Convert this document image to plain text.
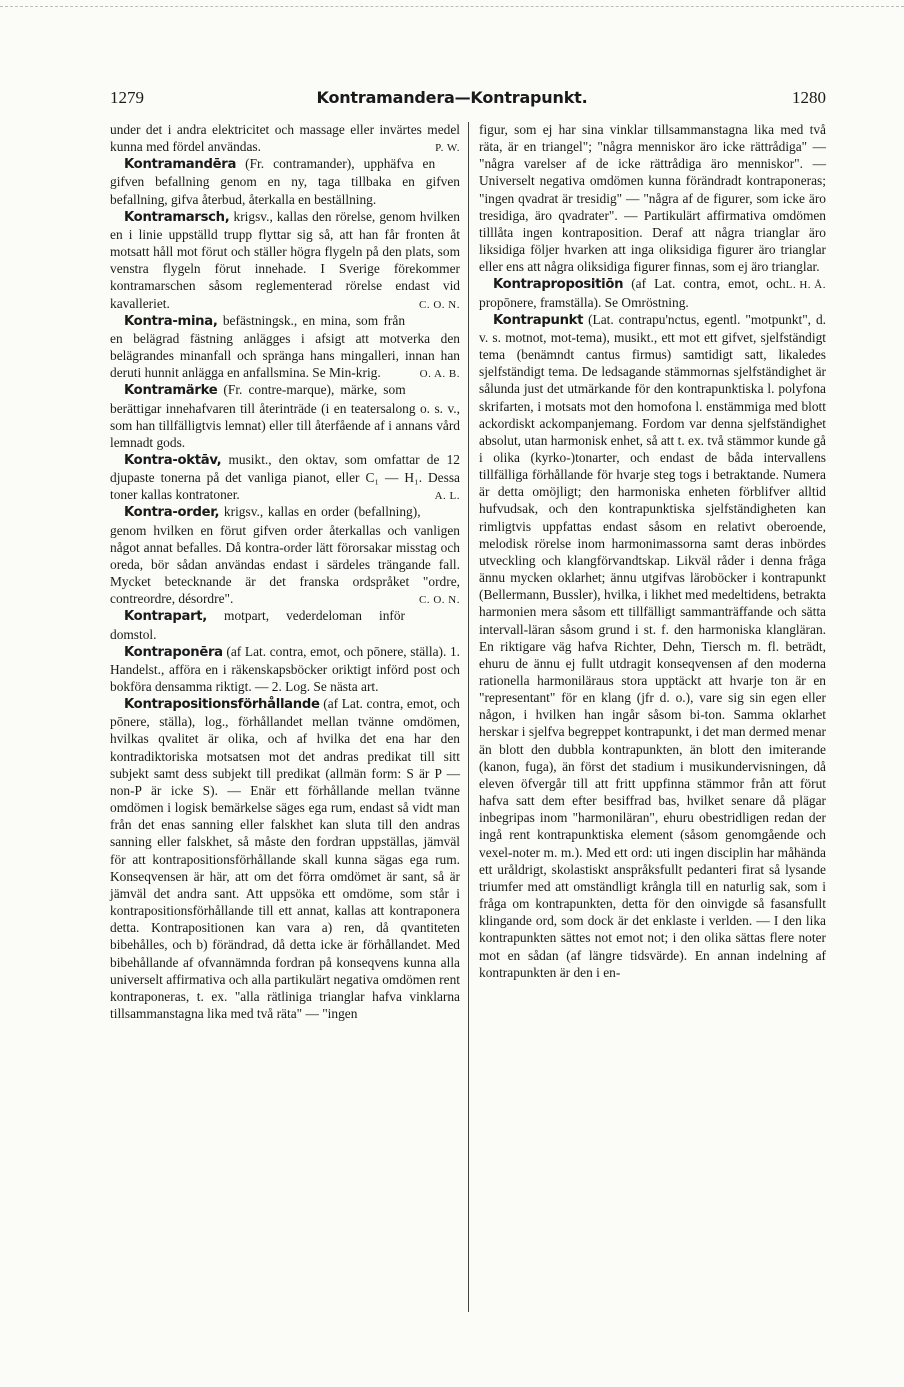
1279	Kontramandera—Kontrapunkt.	1280

under det i andra elektricitet och massage eller invärtes medel kunna med fördel användas.	P. W.

Kontramandēra (Fr. contramander), upphäfva en gifven befallning genom en ny, taga tillbaka en gifven befallning, gifva återbud, återkalla en beställning.

Kontramarsch, krigsv., kallas den rörelse, genom hvilken en i linie uppställd trupp flyttar sig så, att han får fronten åt motsatt håll mot förut och ställer högra flygeln på den plats, som venstra flygeln förut innehade. I Sverige förekommer kontramarschen såsom reglementerad rörelse endast vid kavalleriet.	C. O. N.

Kontra-mina, befästningsk., en mina, som från en belägrad fästning anlägges i afsigt att motverka den belägrandes minanfall och spränga hans mingalleri, innan han deruti hunnit anlägga en anfallsmina. Se Min-krig.	O. A. B.

Kontramärke (Fr. contre-marque), märke, som berättigar innehafvaren till återinträde (i en teatersalong o. s. v., som han tillfälligtvis lemnat) eller till återfående af i annans vård lemnadt gods.

Kontra-oktāv, musikt., den oktav, som omfattar de 12 djupaste tonerna på det vanliga pianot, eller C₁ — H₁. Dessa toner kallas kontratoner.	A. L.

Kontra-order, krigsv., kallas en order (befallning), genom hvilken en förut gifven order återkallas och vanligen något annat befalles. Då kontra-order lätt förorsakar misstag och oreda, bör sådan användas endast i särdeles trängande fall. Mycket betecknande är det franska ordspråket "ordre, contreordre, désordre".	C. O. N.

Kontrapart, motpart, vederdeloman inför domstol.

Kontraponēra (af Lat. contra, emot, och pōnere, ställa). 1. Handelst., afföra en i räkenskapsböcker oriktigt införd post och bokföra densamma riktigt. — 2. Log. Se nästa art.

Kontrapositionsförhållande (af Lat. contra, emot, och pōnere, ställa), log., förhållandet mellan tvänne omdömen, hvilkas qvalitet är olika, och af hvilka det ena har den kontradiktoriska motsatsen mot det andras predikat till sitt subjekt samt dess subjekt till predikat (allmän form: S är P — non-P är icke S). — Enär ett förhållande mellan tvänne omdömen i logisk bemärkelse säges ega rum, endast så vidt man från det enas sanning eller falskhet kan sluta till den andras sanning eller falskhet, så måste den fordran uppställas, jämväl för att kontrapositionsförhållande skall kunna sägas ega rum. Konseqvensen är här, att om det förra omdömet är sant, så är jämväl det andra sant. Att uppsöka ett omdöme, som står i kontrapositionsförhållande till ett annat, kallas att kontraponera detta. Kontrapositionen kan vara a) ren, då qvantiteten bibehålles, och b) förändrad, då detta icke är förhållandet. Med bibehållande af ofvannämnda fordran på konseqvens kunna alla universelt affirmativa och alla partikulärt negativa omdömen rent kontraponeras, t. ex. "alla rätliniga trianglar hafva vinklarna tillsammanstagna lika med två räta" — "ingen

figur, som ej har sina vinklar tillsammanstagna lika med två räta, är en triangel"; "några menniskor äro icke rättrådiga" — "några varelser af de icke rättrådiga äro menniskor". — Universelt negativa omdömen kunna förändradt kontraponeras; "ingen qvadrat är tresidig" — "några af de figurer, som icke äro tresidiga, äro qvadrater". — Partikulärt affirmativa omdömen tilllåta ingen kontraposition. Deraf att några trianglar äro liksidiga följer hvarken att inga oliksidiga figurer äro trianglar eller ens att några oliksidiga figurer finnas, som ej äro trianglar.
L. H. Å.

Kontrapropositiōn (af Lat. contra, emot, och propōnere, framställa). Se Omröstning.

Kontrapunkt (Lat. contrapu'nctus, egentl. "motpunkt", d. v. s. motnot, mot-tema), musikt., ett mot ett gifvet, sjelfständigt tema (benämndt cantus firmus) samtidigt satt, likaledes sjelfständigt tema. De ledsagande stämmornas sjelfständighet är sålunda just det utmärkande för den kontrapunktiska l. polyfona skrifarten, i motsats mot den homofona l. enstämmiga med blott ackordiskt ackompanjemang. Fordom var denna sjelfständighet absolut, utan harmonisk enhet, så att t. ex. två stämmor kunde gå i olika (kyrko-)tonarter, och endast de båda intervallens tillfälliga förhållande för hvarje steg togs i betraktande. Numera är detta omöjligt; den harmoniska enheten förblifver alltid hufvudsak, och den kontrapunktiska sjelfständigheten kan rimligtvis uppfattas endast såsom en relativt oberoende, melodisk rörelse inom harmonimassorna samt deras inbördes utveckling och klangförvandtskap. Likväl råder i denna fråga ännu mycken oklarhet; ännu utgifvas läroböcker i kontrapunkt (Bellermann, Bussler), hvilka, i likhet med medeltidens, betrakta harmonien mera såsom ett tillfälligt sammanträffande och sätta intervall-läran såsom grund i st. f. den harmoniska klangläran. En riktigare väg hafva Richter, Dehn, Tiersch m. fl. beträdt, ehuru de ännu ej fullt utdragit konseqvensen af den moderna rationella harmoniläraus stora upptäckt att hvarje ton är en "representant" för en klang (jfr d. o.), vare sig sin egen eller någon, i hvilken han ingår såsom bi-ton. Samma oklarhet herskar i sjelfva begreppet kontrapunkt, i det man dermed menar än blott den dubbla kontrapunkten, än blott den imiterande (kanon, fuga), än först det stadium i musikundervisningen, då eleven öfvergår till att fritt uppfinna stämmor från att förut hafva satt dem efter besiffrad bas, hvilket senare då plägar inbegripas inom "harmoniläran", ehuru obestridligen redan der ingå rent kontrapunktiska element (såsom genomgående och vexel-noter m. m.). Med ett ord: uti ingen disciplin har måhända ett uråldrigt, skolastiskt anspråksfullt pedanteri firat så lysande triumfer med att omständligt krångla till en naturlig sak, som i fråga om kontrapunkten, detta för den oinvigde så fasansfullt klingande ord, som dock är det enklaste i verlden. — I den lika kontrapunkten sättes not emot not; i den olika sättas flere noter mot en sådan (af längre tidsvärde). En annan indelning af kontrapunkten är den i en-
